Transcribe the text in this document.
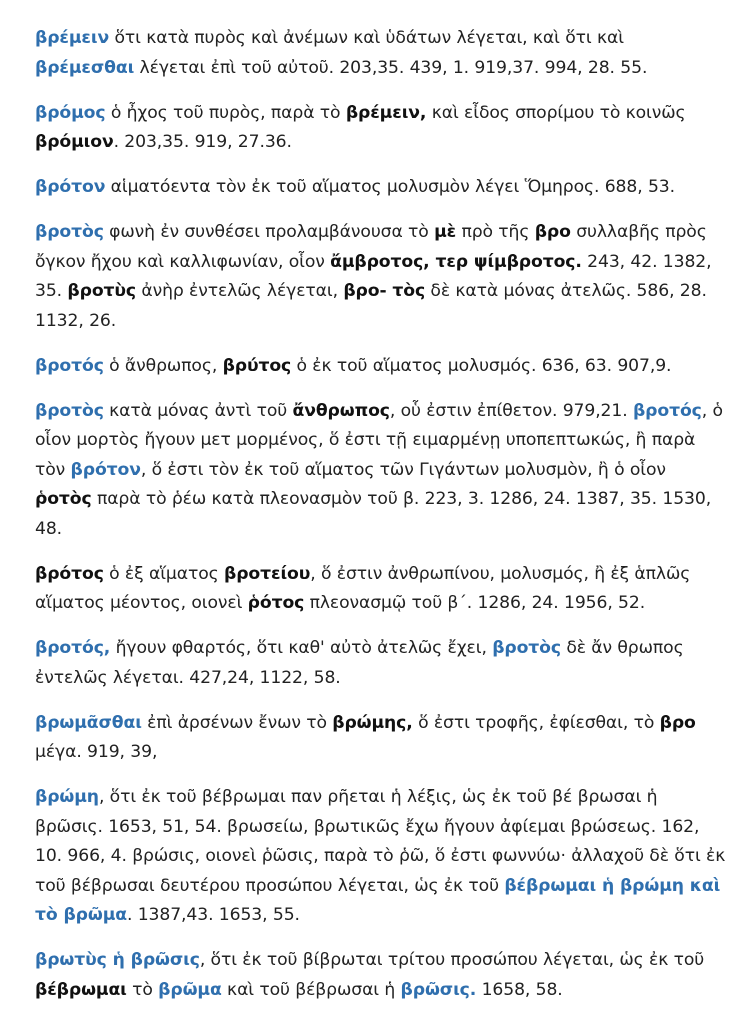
βρέμειν ὅτι κατὰ πυρὸς καὶ ἀνέμων καὶ ὑδάτων λέγεται, καὶ ὅτι καὶ βρέμεσθαι λέγεται ἐπὶ τοῦ αὐτοῦ. 203,35. 439, 1. 919,37. 994, 28. 55.

βρόμος ὁ ἦχος τοῦ πυρὸς, παρὰ τὸ βρέμειν, καὶ εἶδος σπορίμου τὸ κοινῶς βρόμιον. 203,35. 919, 27.36.

βρότον αἱματόεντα τὸν ἐκ τοῦ αἵματος μολυσμὸν λέγει Ὅμηρος. 688, 53.

βροτὸς φωνὴ ἐν συνθέσει προλαμβάνουσα τὸ μὲ πρὸ τῆς βρο συλλαβῆς πρὸς ὄγκον ἤχου καὶ καλλιφωνίαν, οἷον ἄμβροτος, τερ ψίμβροτος. 243, 42. 1382, 35. βροτὺς ἀνὴρ ἐντελῶς λέγεται, βρο- τὸς δὲ κατὰ μόνας ἀτελῶς. 586, 28. 1132, 26.

βροτός ὁ ἄνθρωπος, βρύτος ὁ ἐκ τοῦ αἵματος μολυσμός. 636, 63. 907,9.

βροτὸς κατὰ μόνας ἀντὶ τοῦ ἄνθρωπος, οὗ ἐστιν ἐπίθετον. 979,21. βροτός, ὁ οἷον μορτὸς ἤγουν μετ μορμένος, ὅ ἐστι τῇ ειμαρμένῃ υποπεπτωκώς, ἢ παρὰ τὸν βρότον, ὅ ἐστι τὸν ἐκ τοῦ αἵματος τῶν Γιγάντων μολυσμὸν, ἢ ὁ οἷον ῥοτὸς παρὰ τὸ ῥέω κατὰ πλεονασμὸν τοῦ β. 223, 3. 1286, 24. 1387, 35. 1530, 48.

βρότος ὁ ἐξ αἵματος βροτείου, ὅ ἐστιν ἀνθρωπίνου, μολυσμός, ἢ ἐξ ἁπλῶς αἵματος μέοντος, οιονεὶ ῥότος πλεονασμῷ τοῦ β΄. 1286, 24. 1956, 52.

βροτός, ἤγουν φθαρτός, ὅτι καθ' αὐτὸ ἀτελῶς ἔχει, βροτὸς δὲ ἄν θρωπος ἐντελῶς λέγεται. 427,24, 1122, 58.

βρωμᾶσθαι ἐπὶ ἀρσένων ἔνων τὸ βρώμης, ὅ ἐστι τροφῆς, ἐφίεσθαι, τὸ βρο μέγα. 919, 39,

βρώμη, ὅτι ἐκ τοῦ βέβρωμαι παν ρῆεται ἡ λέξις, ὡς ἐκ τοῦ βέ βρωσαι ἡ βρῶσις. 1653, 51, 54. βρωσείω, βρωτικῶς ἔχω ἤγουν ἀφίεμαι βρώσεως. 162, 10. 966, 4. βρώσις, οιονεὶ ῥῶσις, παρὰ τὸ ῥῶ, ὅ ἐστι φωννύω· ἀλλαχοῦ δὲ ὅτι ἐκ τοῦ βέβρωσαι δευτέρου προσώπου λέγεται, ὡς ἐκ τοῦ βέβρωμαι ἡ βρώμη καὶ τὸ βρῶμα. 1387,43. 1653, 55.

βρωτὺς ἡ βρῶσις, ὅτι ἐκ τοῦ βίβρωται τρίτου προσώπου λέγεται, ὡς ἐκ τοῦ βέβρωμαι τὸ βρῶμα καὶ τοῦ βέβρωσαι ἡ βρῶσις. 1658, 58.
